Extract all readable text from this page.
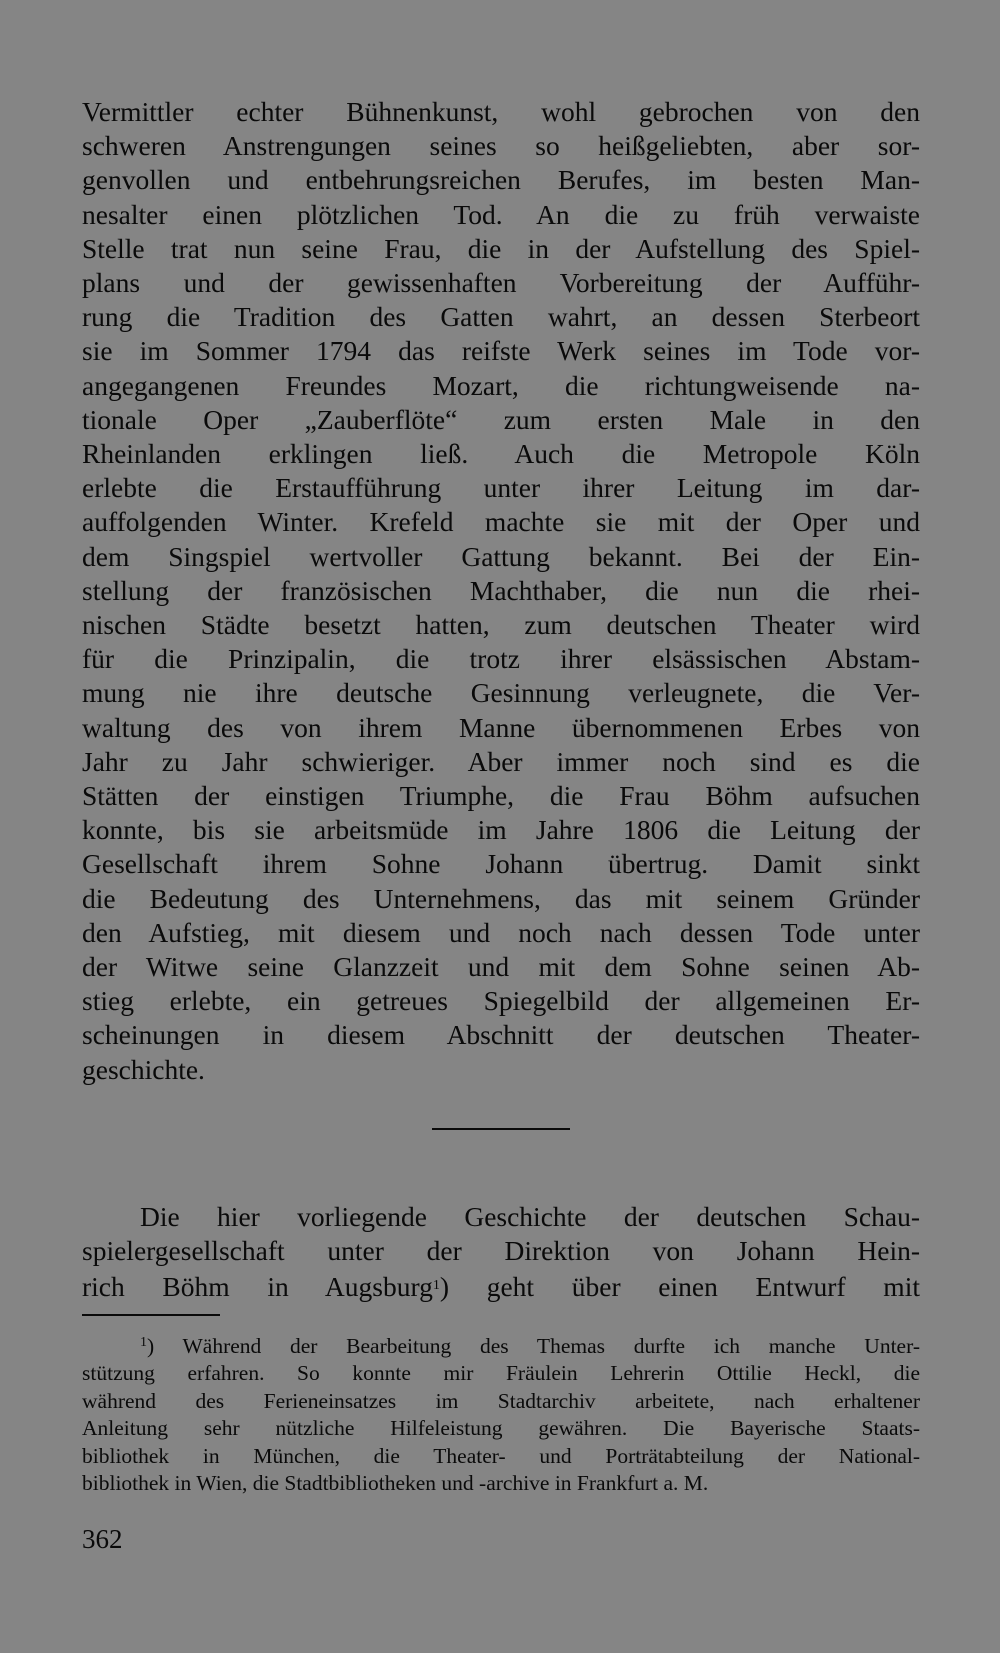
Vermittler echter Bühnenkunst, wohl gebrochen von den
schweren Anstrengungen seines so heißgeliebten, aber sor-
genvollen und entbehrungsreichen Berufes, im besten Man-
nesalter einen plötzlichen Tod. An die zu früh verwaiste
Stelle trat nun seine Frau, die in der Aufstellung des Spiel-
plans und der gewissenhaften Vorbereitung der Aufführ-
rung die Tradition des Gatten wahrt, an dessen Sterbeort
sie im Sommer 1794 das reifste Werk seines im Tode vor-
angegangenen Freundes Mozart, die richtungweisende na-
tionale Oper „Zauberflöte“ zum ersten Male in den
Rheinlanden erklingen ließ. Auch die Metropole Köln
erlebte die Erstaufführung unter ihrer Leitung im dar-
auffolgenden Winter. Krefeld machte sie mit der Oper und
dem Singspiel wertvoller Gattung bekannt. Bei der Ein-
stellung der französischen Machthaber, die nun die rhei-
nischen Städte besetzt hatten, zum deutschen Theater wird
für die Prinzipalin, die trotz ihrer elsässischen Abstam-
mung nie ihre deutsche Gesinnung verleugnete, die Ver-
waltung des von ihrem Manne übernommenen Erbes von
Jahr zu Jahr schwieriger. Aber immer noch sind es die
Stätten der einstigen Triumphe, die Frau Böhm aufsuchen
konnte, bis sie arbeitsmüde im Jahre 1806 die Leitung der
Gesellschaft ihrem Sohne Johann übertrug. Damit sinkt
die Bedeutung des Unternehmens, das mit seinem Gründer
den Aufstieg, mit diesem und noch nach dessen Tode unter
der Witwe seine Glanzzeit und mit dem Sohne seinen Ab-
stieg erlebte, ein getreues Spiegelbild der allgemeinen Er-
scheinungen in diesem Abschnitt der deutschen Theater-
geschichte.

Die hier vorliegende Geschichte der deutschen Schau-
spielergesellschaft unter der Direktion von Johann Hein-
rich Böhm in Augsburg$^1$) geht über einen Entwurf mit
$^1$) Während der Bearbeitung des Themas durfte ich manche Unter-
stützung erfahren. So konnte mir Fräulein Lehrerin Ottilie Heckl, die
während des Ferieneinsatzes im Stadtarchiv arbeitete, nach erhaltener
Anleitung sehr nützliche Hilfeleistung gewähren. Die Bayerische Staats-
bibliothek in München, die Theater- und Porträtabteilung der National-
bibliothek in Wien, die Stadtbibliotheken und -archive in Frankfurt a. M.
362
